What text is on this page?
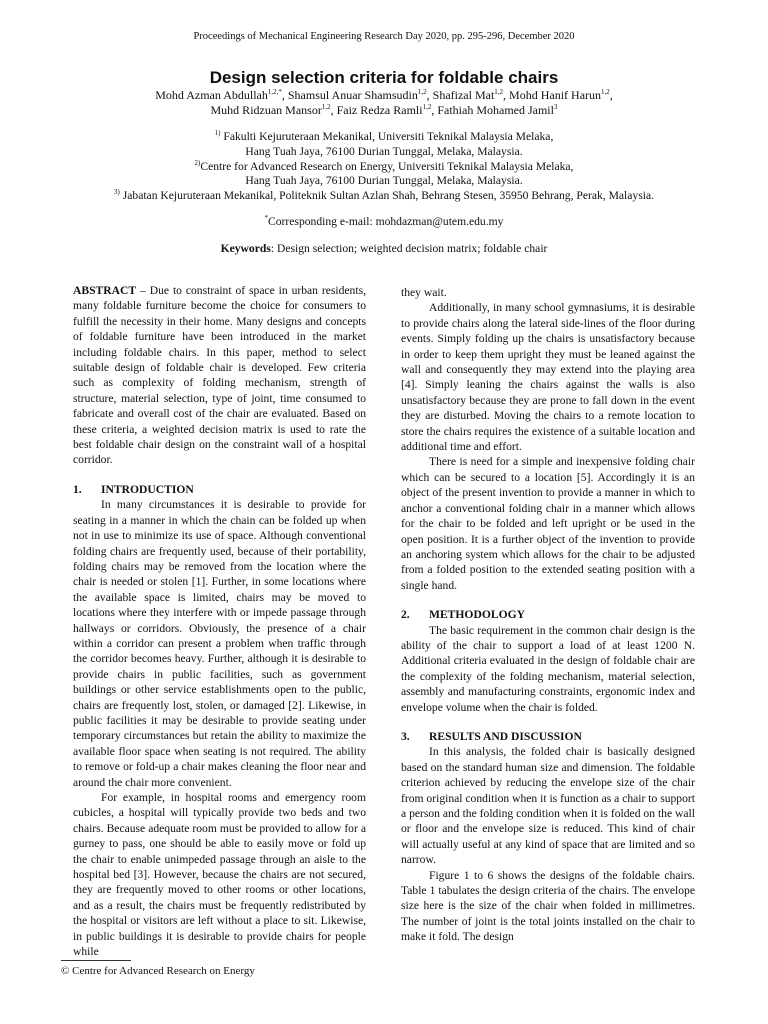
Proceedings of Mechanical Engineering Research Day 2020, pp. 295-296, December 2020
Design selection criteria for foldable chairs
Mohd Azman Abdullah$^{1,2,*}$, Shamsul Anuar Shamsudin$^{1,2}$, Shafizal Mat$^{1,2}$, Mohd Hanif Harun$^{1,2}$,
Muhd Ridzuan Mansor$^{1,2}$, Faiz Redza Ramli$^{1,2}$, Fathiah Mohamed Jamil$^3$
$^{1)}$ Fakulti Kejuruteraan Mekanikal, Universiti Teknikal Malaysia Melaka,
Hang Tuah Jaya, 76100 Durian Tunggal, Melaka, Malaysia.
$^{2)}$Centre for Advanced Research on Energy, Universiti Teknikal Malaysia Melaka,
Hang Tuah Jaya, 76100 Durian Tunggal, Melaka, Malaysia.
$^{3)}$ Jabatan Kejuruteraan Mekanikal, Politeknik Sultan Azlan Shah, Behrang Stesen, 35950 Behrang, Perak, Malaysia.
*Corresponding e-mail: mohdazman@utem.edu.my
Keywords: Design selection; weighted decision matrix; foldable chair

ABSTRACT – Due to constraint of space in urban residents, many foldable furniture become the choice for consumers to fulfill the necessity in their home. Many designs and concepts of foldable furniture have been introduced in the market including foldable chairs. In this paper, method to select suitable design of foldable chair is developed. Few criteria such as complexity of folding mechanism, strength of structure, material selection, type of joint, time consumed to fabricate and overall cost of the chair are evaluated. Based on these criteria, a weighted decision matrix is used to rate the best foldable chair design on the constraint wall of a hospital corridor.

1. INTRODUCTION

In many circumstances it is desirable to provide for seating in a manner in which the chain can be folded up when not in use to minimize its use of space. Although conventional folding chairs are frequently used, because of their portability, folding chairs may be removed from the location where the chair is needed or stolen [1]. Further, in some locations where the available space is limited, chairs may be moved to locations where they interfere with or impede passage through hallways or corridors. Obviously, the presence of a chair within a corridor can present a problem when traffic through the corridor becomes heavy. Further, although it is desirable to provide chairs in public facilities, such as government buildings or other service establishments open to the public, chairs are frequently lost, stolen, or damaged [2]. Likewise, in public facilities it may be desirable to provide seating under temporary circumstances but retain the ability to maximize the available floor space when seating is not required. The ability to remove or fold-up a chair makes cleaning the floor near and around the chair more convenient.

For example, in hospital rooms and emergency room cubicles, a hospital will typically provide two beds and two chairs. Because adequate room must be provided to allow for a gurney to pass, one should be able to easily move or fold up the chair to enable unimpeded passage through an aisle to the hospital bed [3]. However, because the chairs are not secured, they are frequently moved to other rooms or other locations, and as a result, the chairs must be frequently redistributed by the hospital or visitors are left without a place to sit. Likewise, in public buildings it is desirable to provide chairs for people while

they wait.

Additionally, in many school gymnasiums, it is desirable to provide chairs along the lateral side-lines of the floor during events. Simply folding up the chairs is unsatisfactory because in order to keep them upright they must be leaned against the wall and consequently they may extend into the playing area [4]. Simply leaning the chairs against the walls is also unsatisfactory because they are prone to fall down in the event they are disturbed. Moving the chairs to a remote location to store the chairs requires the existence of a suitable location and additional time and effort.

There is need for a simple and inexpensive folding chair which can be secured to a location [5]. Accordingly it is an object of the present invention to provide a manner in which to anchor a conventional folding chair in a manner which allows for the chair to be folded and left upright or be used in the open position. It is a further object of the invention to provide an anchoring system which allows for the chair to be adjusted from a folded position to the extended seating position with a single hand.

2. METHODOLOGY

The basic requirement in the common chair design is the ability of the chair to support a load of at least 1200 N. Additional criteria evaluated in the design of foldable chair are the complexity of the folding mechanism, material selection, assembly and manufacturing constraints, ergonomic index and envelope volume when the chair is folded.

3. RESULTS AND DISCUSSION

In this analysis, the folded chair is basically designed based on the standard human size and dimension. The foldable criterion achieved by reducing the envelope size of the chair from original condition when it is function as a chair to support a person and the folding condition when it is folded on the wall or floor and the envelope size is reduced. This kind of chair will actually useful at any kind of space that are limited and so narrow.

Figure 1 to 6 shows the designs of the foldable chairs. Table 1 tabulates the design criteria of the chairs. The envelope size here is the size of the chair when folded in millimetres. The number of joint is the total joints installed on the chair to make it fold. The design

© Centre for Advanced Research on Energy
